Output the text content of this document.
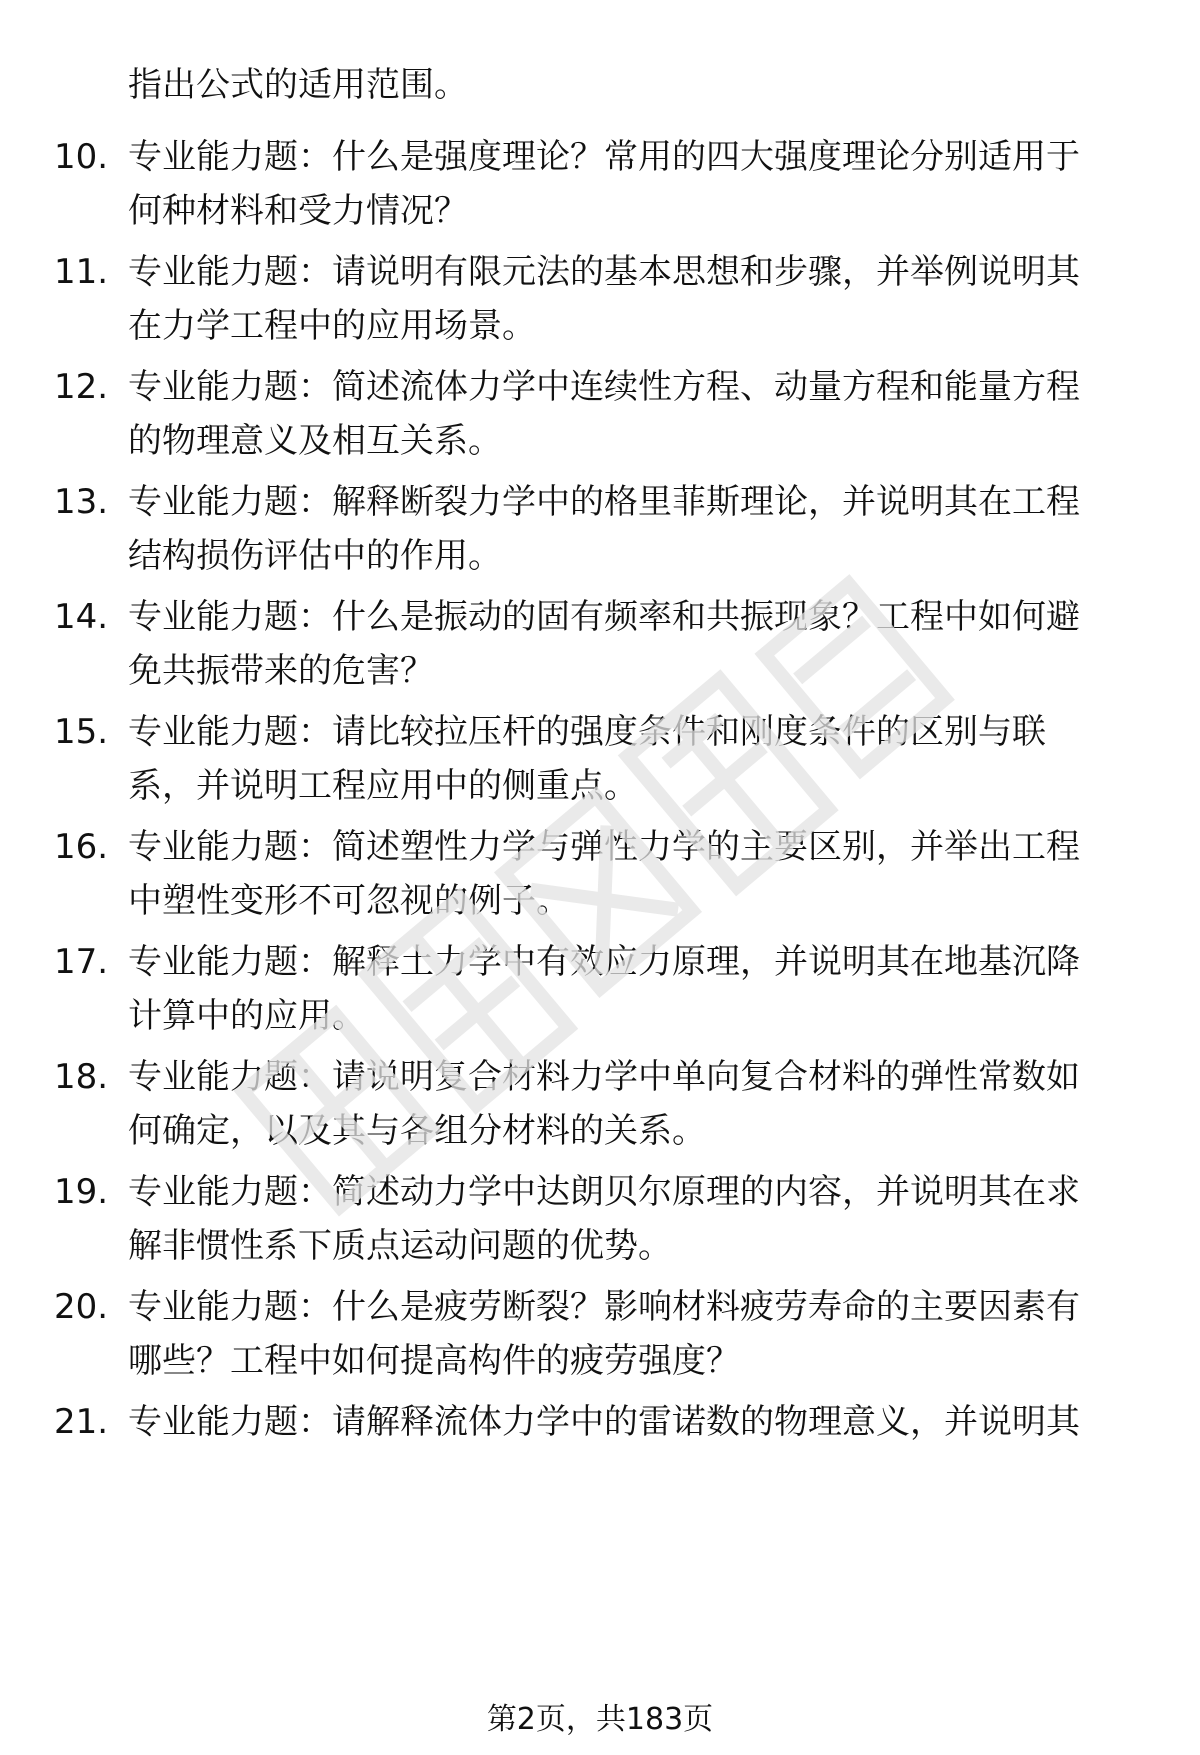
指出公式的适用范围。
10. 专业能力题：什么是强度理论？常用的四大强度理论分别适用于
何种材料和受力情况？
11. 专业能力题：请说明有限元法的基本思想和步骤，并举例说明其
在力学工程中的应用场景。
12. 专业能力题：简述流体力学中连续性方程、动量方程和能量方程
的物理意义及相互关系。
13. 专业能力题：解释断裂力学中的格里菲斯理论，并说明其在工程
结构损伤评估中的作用。
14. 专业能力题：什么是振动的固有频率和共振现象？工程中如何避
免共振带来的危害？
15. 专业能力题：请比较拉压杆的强度条件和刚度条件的区别与联
系，并说明工程应用中的侧重点。
16. 专业能力题：简述塑性力学与弹性力学的主要区别，并举出工程
中塑性变形不可忽视的例子。
17. 专业能力题：解释土力学中有效应力原理，并说明其在地基沉降
计算中的应用。
18. 专业能力题：请说明复合材料力学中单向复合材料的弹性常数如
何确定，以及其与各组分材料的关系。
19. 专业能力题：简述动力学中达朗贝尔原理的内容，并说明其在求
解非惯性系下质点运动问题的优势。
20. 专业能力题：什么是疲劳断裂？影响材料疲劳寿命的主要因素有
哪些？工程中如何提高构件的疲劳强度？
21. 专业能力题：请解释流体力学中的雷诺数的物理意义，并说明其
第2页，共183页
